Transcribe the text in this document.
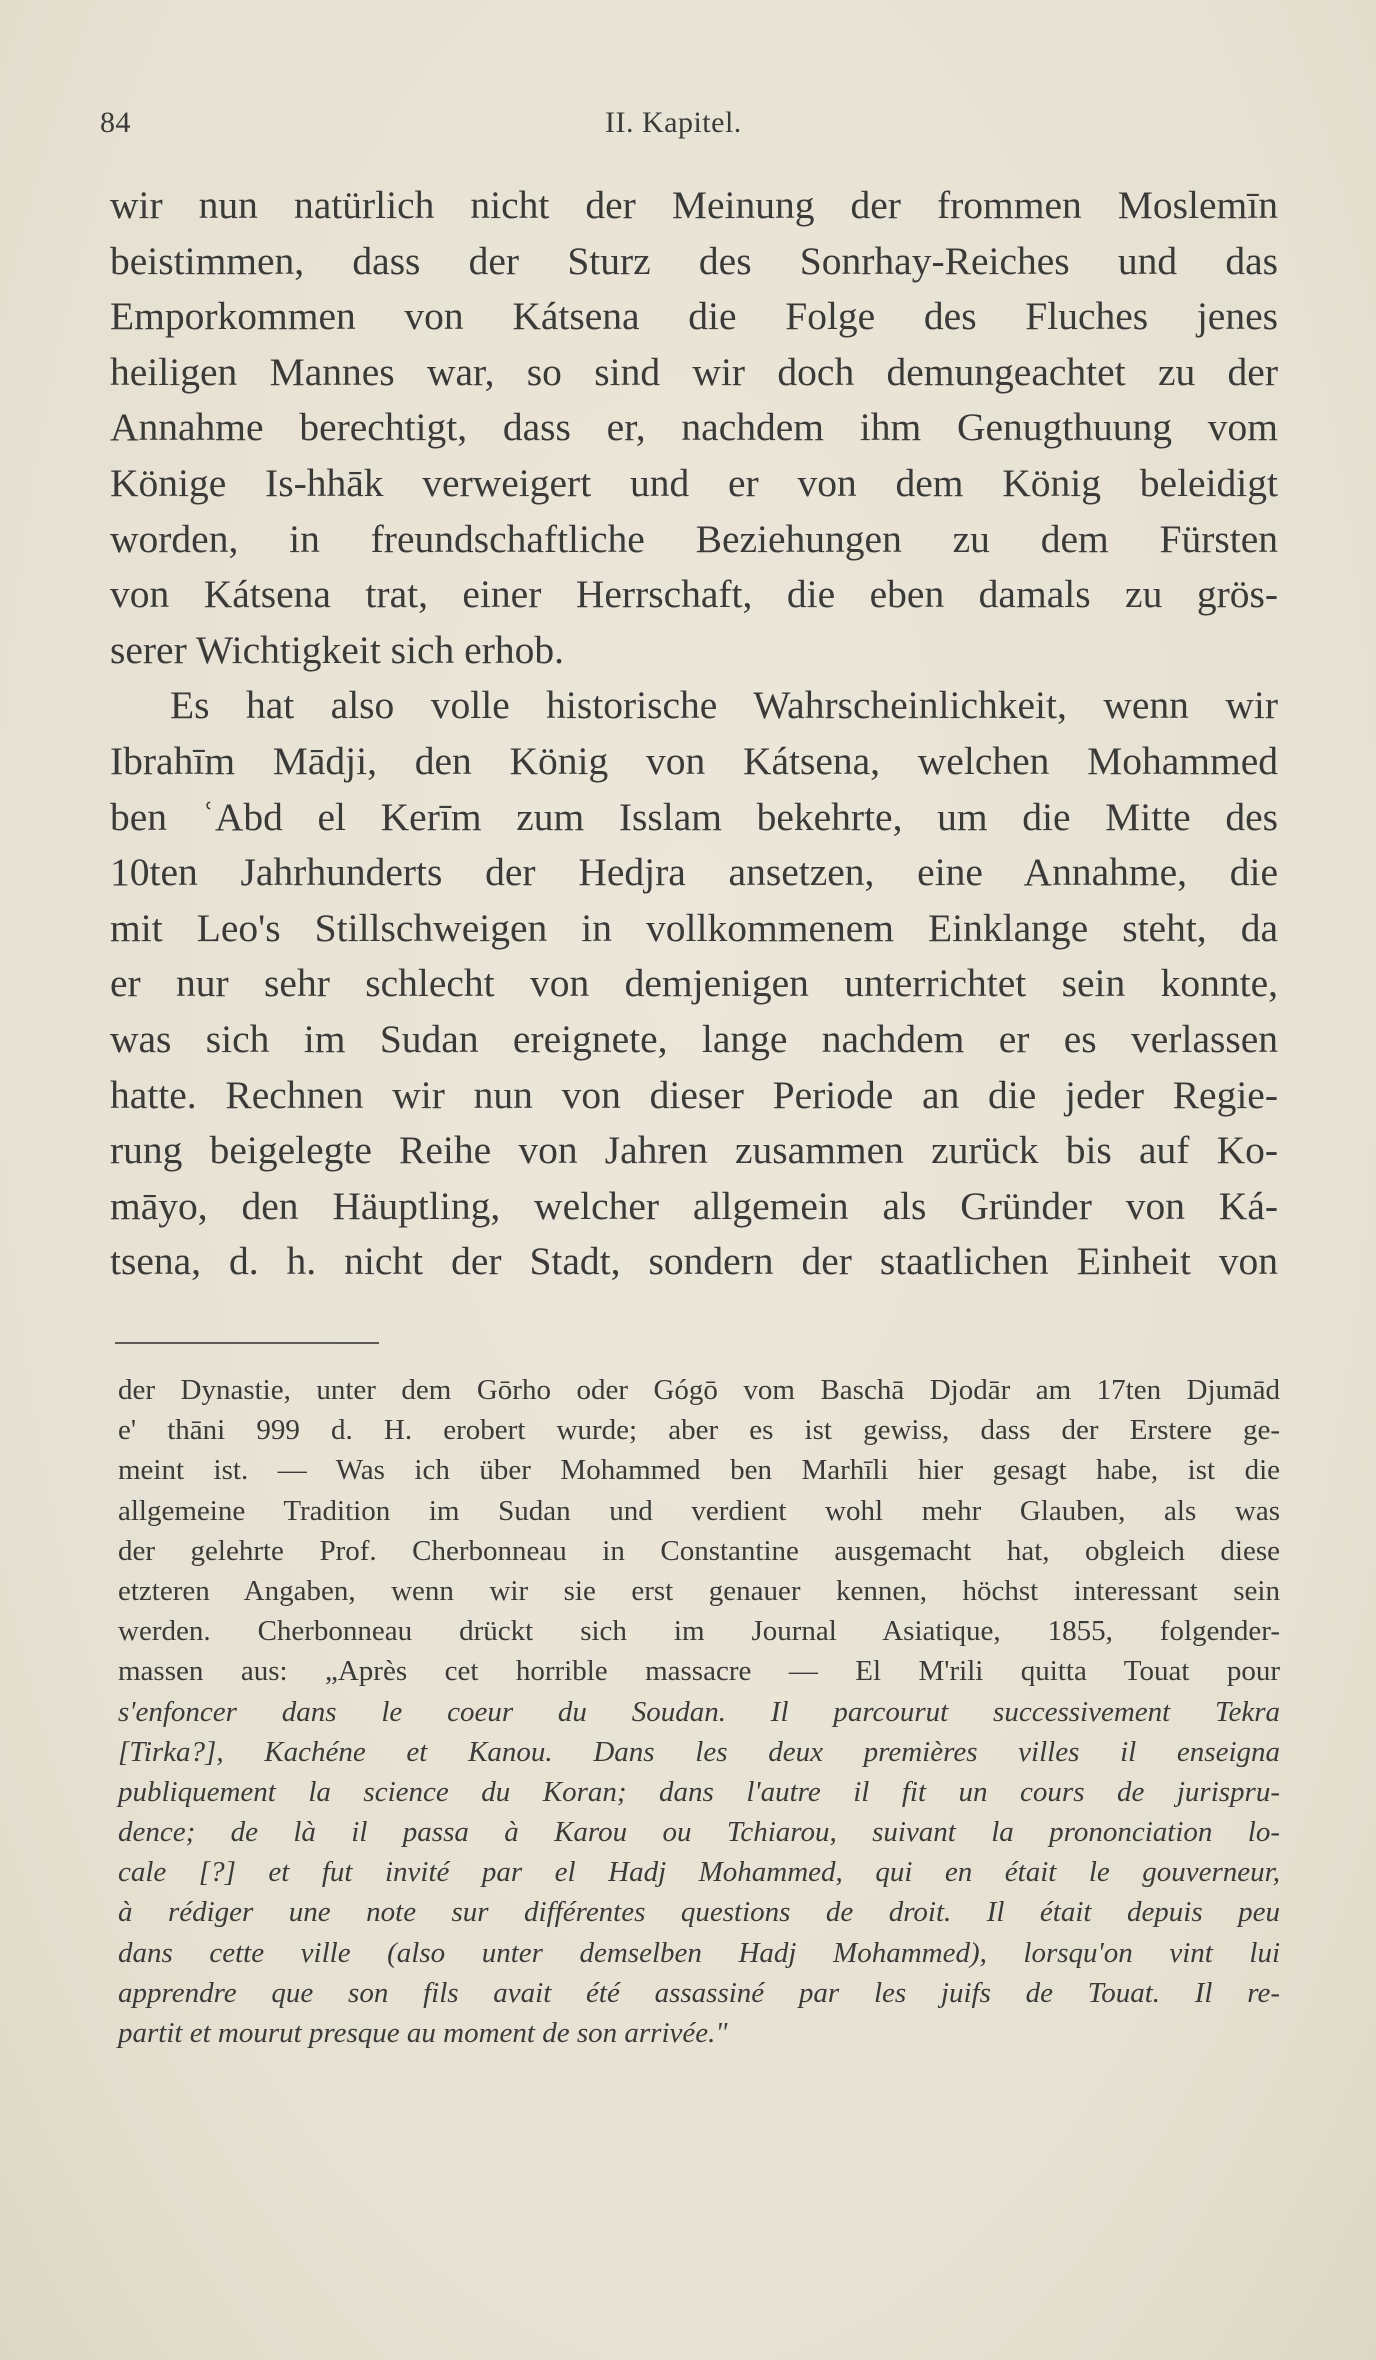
84	II. Kapitel.
wir nun natürlich nicht der Meinung der frommen Moslemīn
beistimmen, dass der Sturz des Sonrhay-Reiches und das
Emporkommen von Kátsena die Folge des Fluches jenes
heiligen Mannes war, so sind wir doch demungeachtet zu der
Annahme berechtigt, dass er, nachdem ihm Genugthuung vom
Könige Is-hhāk verweigert und er von dem König beleidigt
worden, in freundschaftliche Beziehungen zu dem Fürsten
von Kátsena trat, einer Herrschaft, die eben damals zu grös-
serer Wichtigkeit sich erhob.
Es hat also volle historische Wahrscheinlichkeit, wenn wir
Ibrahīm Mādji, den König von Kátsena, welchen Mohammed
ben ʿAbd el Kerīm zum Isslam bekehrte, um die Mitte des
10ten Jahrhunderts der Hedjra ansetzen, eine Annahme, die
mit Leo's Stillschweigen in vollkommenem Einklange steht, da
er nur sehr schlecht von demjenigen unterrichtet sein konnte,
was sich im Sudan ereignete, lange nachdem er es verlassen
hatte. Rechnen wir nun von dieser Periode an die jeder Regie-
rung beigelegte Reihe von Jahren zusammen zurück bis auf Ko-
māyo, den Häuptling, welcher allgemein als Gründer von Ká-
tsena, d. h. nicht der Stadt, sondern der staatlichen Einheit von
der Dynastie, unter dem Gōrho oder Gógō vom Baschā Djodār am 17ten Djumād
e' thāni 999 d. H. erobert wurde; aber es ist gewiss, dass der Erstere ge-
meint ist. — Was ich über Mohammed ben Marhīli hier gesagt habe, ist die
allgemeine Tradition im Sudan und verdient wohl mehr Glauben, als was
der gelehrte Prof. Cherbonneau in Constantine ausgemacht hat, obgleich diese
etzteren Angaben, wenn wir sie erst genauer kennen, höchst interessant sein
werden. Cherbonneau drückt sich im Journal Asiatique, 1855, folgender-
massen aus: „Après cet horrible massacre — El M'rili quitta Touat pour
s'enfoncer dans le coeur du Soudan. Il parcourut successivement Tekra
[Tirka?], Kachéne et Kanou. Dans les deux premières villes il enseigna
publiquement la science du Koran; dans l'autre il fit un cours de jurispru-
dence; de là il passa à Karou ou Tchiarou, suivant la prononciation lo-
cale [?] et fut invité par el Hadj Mohammed, qui en était le gouverneur,
à rédiger une note sur différentes questions de droit. Il était depuis peu
dans cette ville (also unter demselben Hadj Mohammed), lorsqu'on vint lui
apprendre que son fils avait été assassiné par les juifs de Touat. Il re-
partit et mourut presque au moment de son arrivée."
